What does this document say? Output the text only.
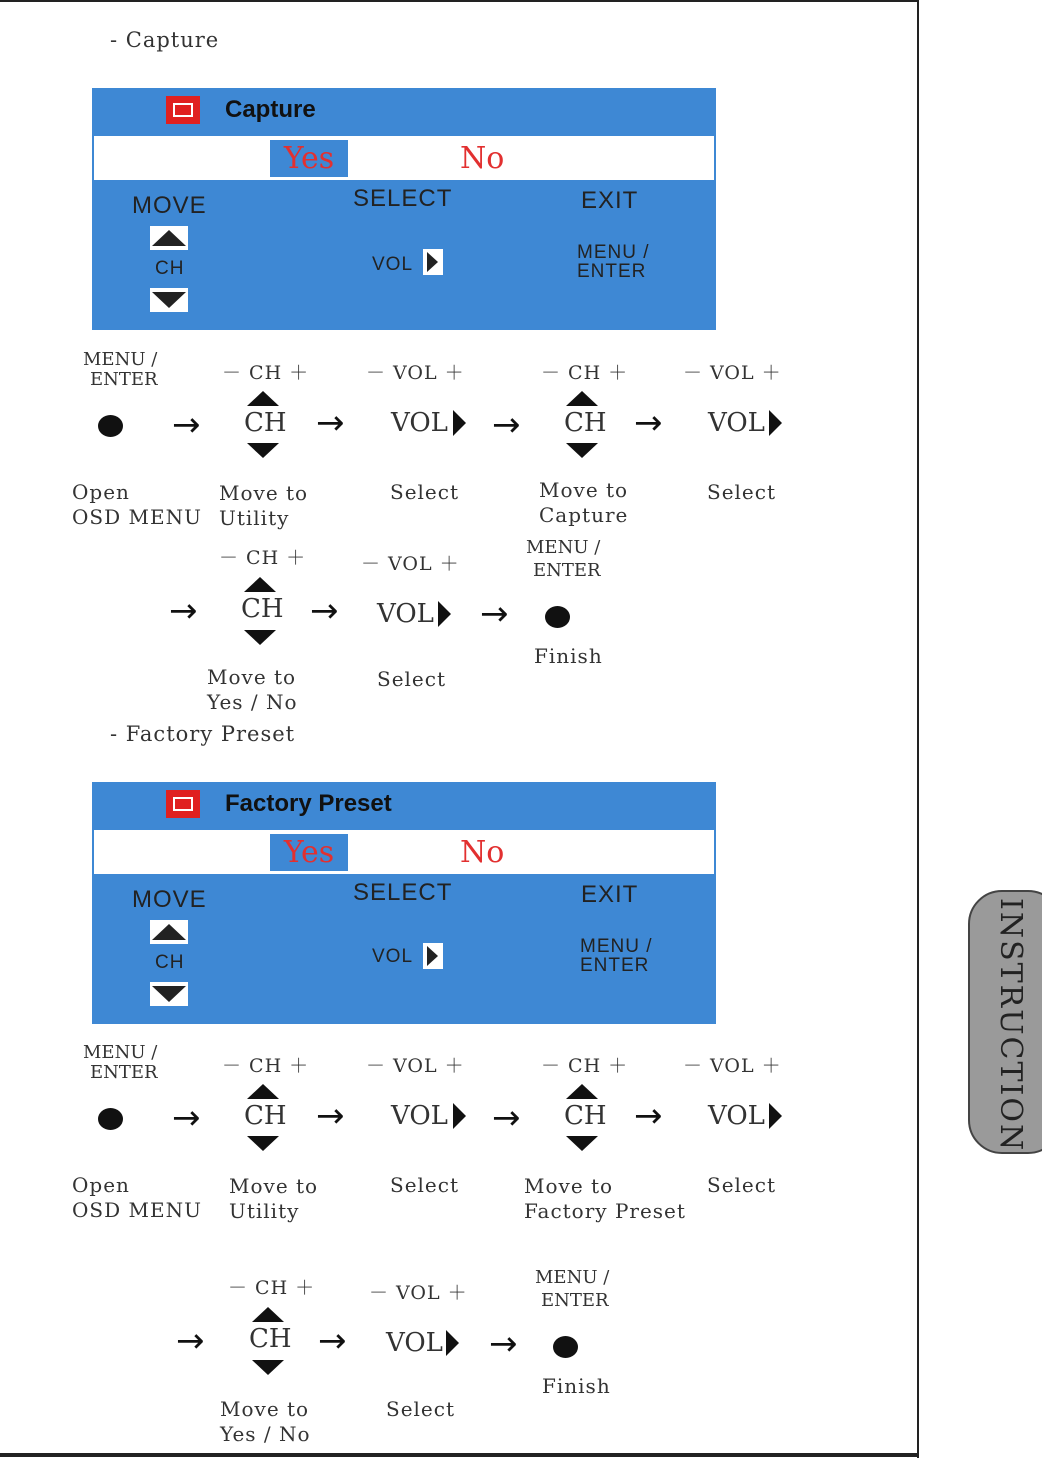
INSTRUCTION
- Capture
Capture
Yes	No
MOVE	SELECT	EXIT
CH	VOL
MENU /
ENTER
MENU /
ENTER	－ CH ＋	－ VOL ＋	－ CH ＋	－ VOL ＋
→ CH → VOL → CH → VOL
Open
OSD MENU
Move to
Utility
Select	Move to
Capture
Select
－ CH ＋	－ VOL ＋
MENU /
ENTER
→ CH → VOL →
Finish
Move to
Yes / No
Select
- Factory Preset
Factory Preset
Yes	No
MOVE	SELECT	EXIT
CH	VOL	MENU /
ENTER
MENU /
ENTER	－ CH ＋	－ VOL ＋	－ CH ＋	－ VOL ＋
→ CH → VOL → CH → VOL
Open
OSD MENU
Move to
Utility
Select	Move to
Factory Preset
Select
－ CH ＋	－ VOL ＋
MENU /
ENTER
→ CH → VOL →
Finish
Move to
Yes / No
Select
